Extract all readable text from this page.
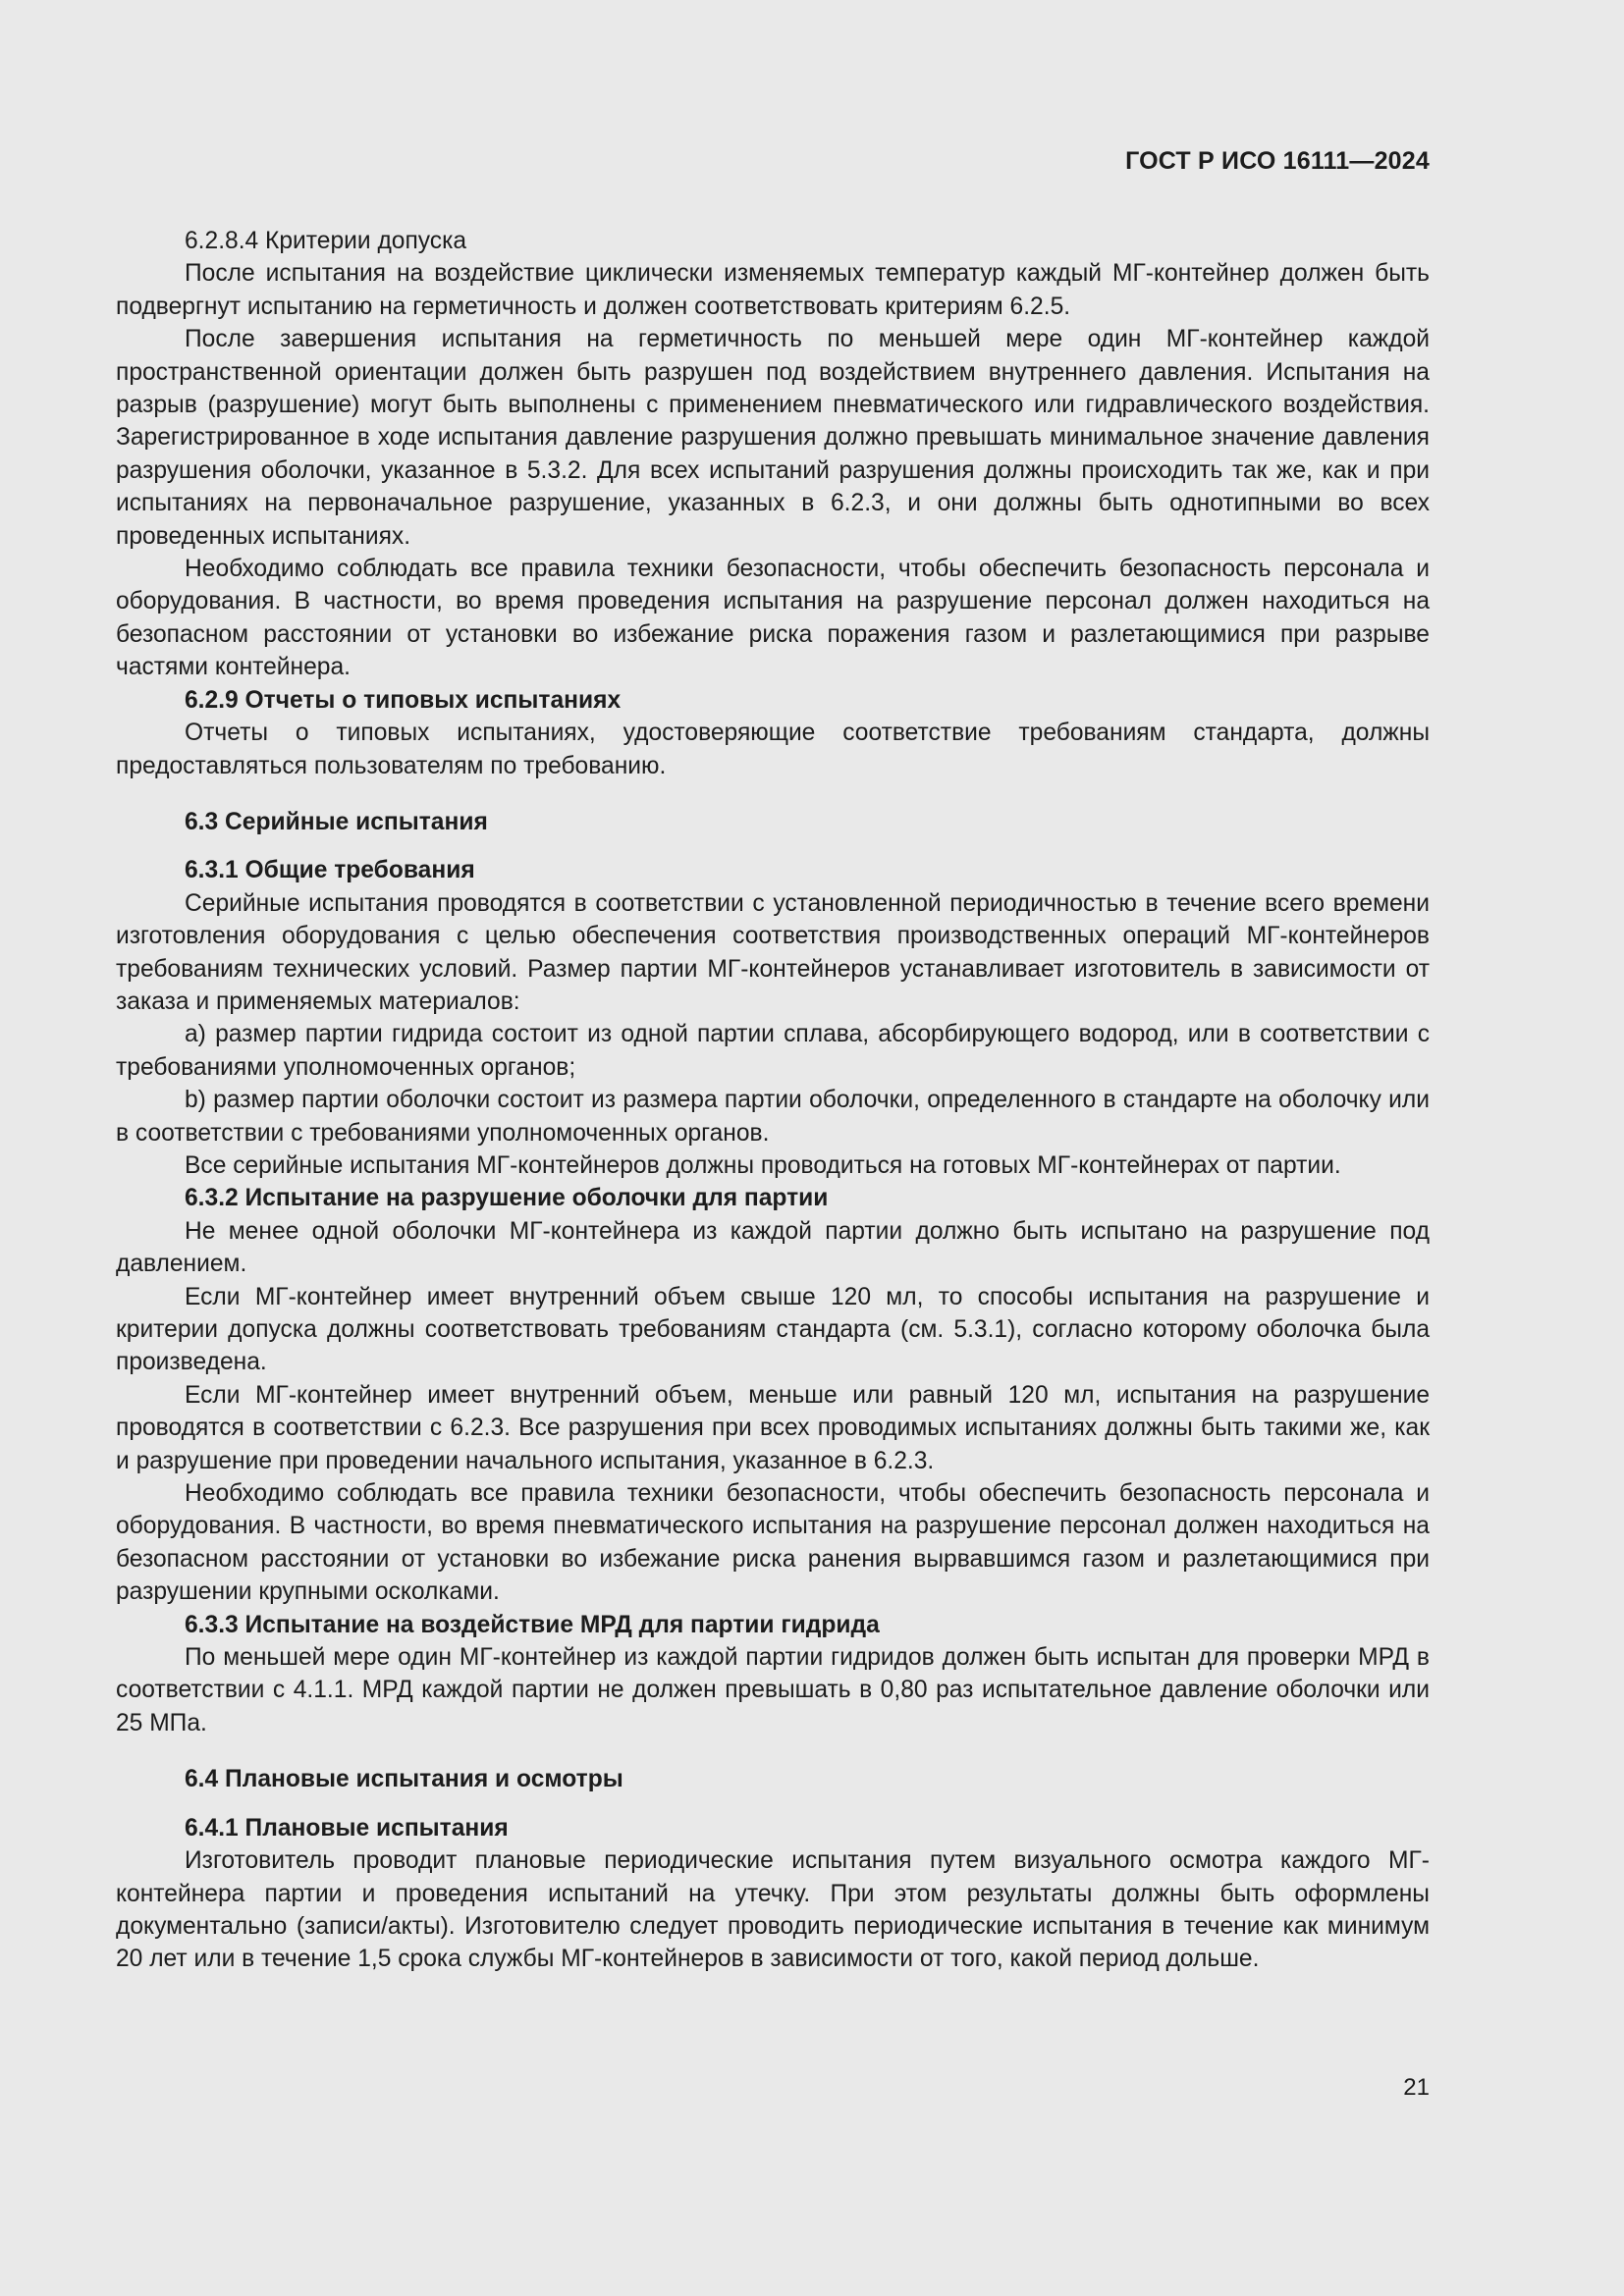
ГОСТ Р ИСО 16111—2024

6.2.8.4 Критерии допуска

После испытания на воздействие циклически изменяемых температур каждый МГ-контейнер должен быть подвергнут испытанию на герметичность и должен соответствовать критериям 6.2.5.

После завершения испытания на герметичность по меньшей мере один МГ-контейнер каждой пространственной ориентации должен быть разрушен под воздействием внутреннего давления. Испытания на разрыв (разрушение) могут быть выполнены с применением пневматического или гидравлического воздействия. Зарегистрированное в ходе испытания давление разрушения должно превышать минимальное значение давления разрушения оболочки, указанное в 5.3.2. Для всех испытаний разрушения должны происходить так же, как и при испытаниях на первоначальное разрушение, указанных в 6.2.3, и они должны быть однотипными во всех проведенных испытаниях.

Необходимо соблюдать все правила техники безопасности, чтобы обеспечить безопасность персонала и оборудования. В частности, во время проведения испытания на разрушение персонал должен находиться на безопасном расстоянии от установки во избежание риска поражения газом и разлетающимися при разрыве частями контейнера.

6.2.9 Отчеты о типовых испытаниях

Отчеты о типовых испытаниях, удостоверяющие соответствие требованиям стандарта, должны предоставляться пользователям по требованию.

6.3 Серийные испытания

6.3.1 Общие требования

Серийные испытания проводятся в соответствии с установленной периодичностью в течение всего времени изготовления оборудования с целью обеспечения соответствия производственных операций МГ-контейнеров требованиям технических условий. Размер партии МГ-контейнеров устанавливает изготовитель в зависимости от заказа и применяемых материалов:

a) размер партии гидрида состоит из одной партии сплава, абсорбирующего водород, или в соответствии с требованиями уполномоченных органов;

b) размер партии оболочки состоит из размера партии оболочки, определенного в стандарте на оболочку или в соответствии с требованиями уполномоченных органов.

Все серийные испытания МГ-контейнеров должны проводиться на готовых МГ-контейнерах от партии.

6.3.2 Испытание на разрушение оболочки для партии

Не менее одной оболочки МГ-контейнера из каждой партии должно быть испытано на разрушение под давлением.

Если МГ-контейнер имеет внутренний объем свыше 120 мл, то способы испытания на разрушение и критерии допуска должны соответствовать требованиям стандарта (см. 5.3.1), согласно которому оболочка была произведена.

Если МГ-контейнер имеет внутренний объем, меньше или равный 120 мл, испытания на разрушение проводятся в соответствии с 6.2.3. Все разрушения при всех проводимых испытаниях должны быть такими же, как и разрушение при проведении начального испытания, указанное в 6.2.3.

Необходимо соблюдать все правила техники безопасности, чтобы обеспечить безопасность персонала и оборудования. В частности, во время пневматического испытания на разрушение персонал должен находиться на безопасном расстоянии от установки во избежание риска ранения вырвавшимся газом и разлетающимися при разрушении крупными осколками.

6.3.3 Испытание на воздействие МРД для партии гидрида

По меньшей мере один МГ-контейнер из каждой партии гидридов должен быть испытан для проверки МРД в соответствии с 4.1.1. МРД каждой партии не должен превышать в 0,80 раз испытательное давление оболочки или 25 МПа.

6.4 Плановые испытания и осмотры

6.4.1 Плановые испытания

Изготовитель проводит плановые периодические испытания путем визуального осмотра каждого МГ-контейнера партии и проведения испытаний на утечку. При этом результаты должны быть оформлены документально (записи/акты). Изготовителю следует проводить периодические испытания в течение как минимум 20 лет или в течение 1,5 срока службы МГ-контейнеров в зависимости от того, какой период дольше.

21
